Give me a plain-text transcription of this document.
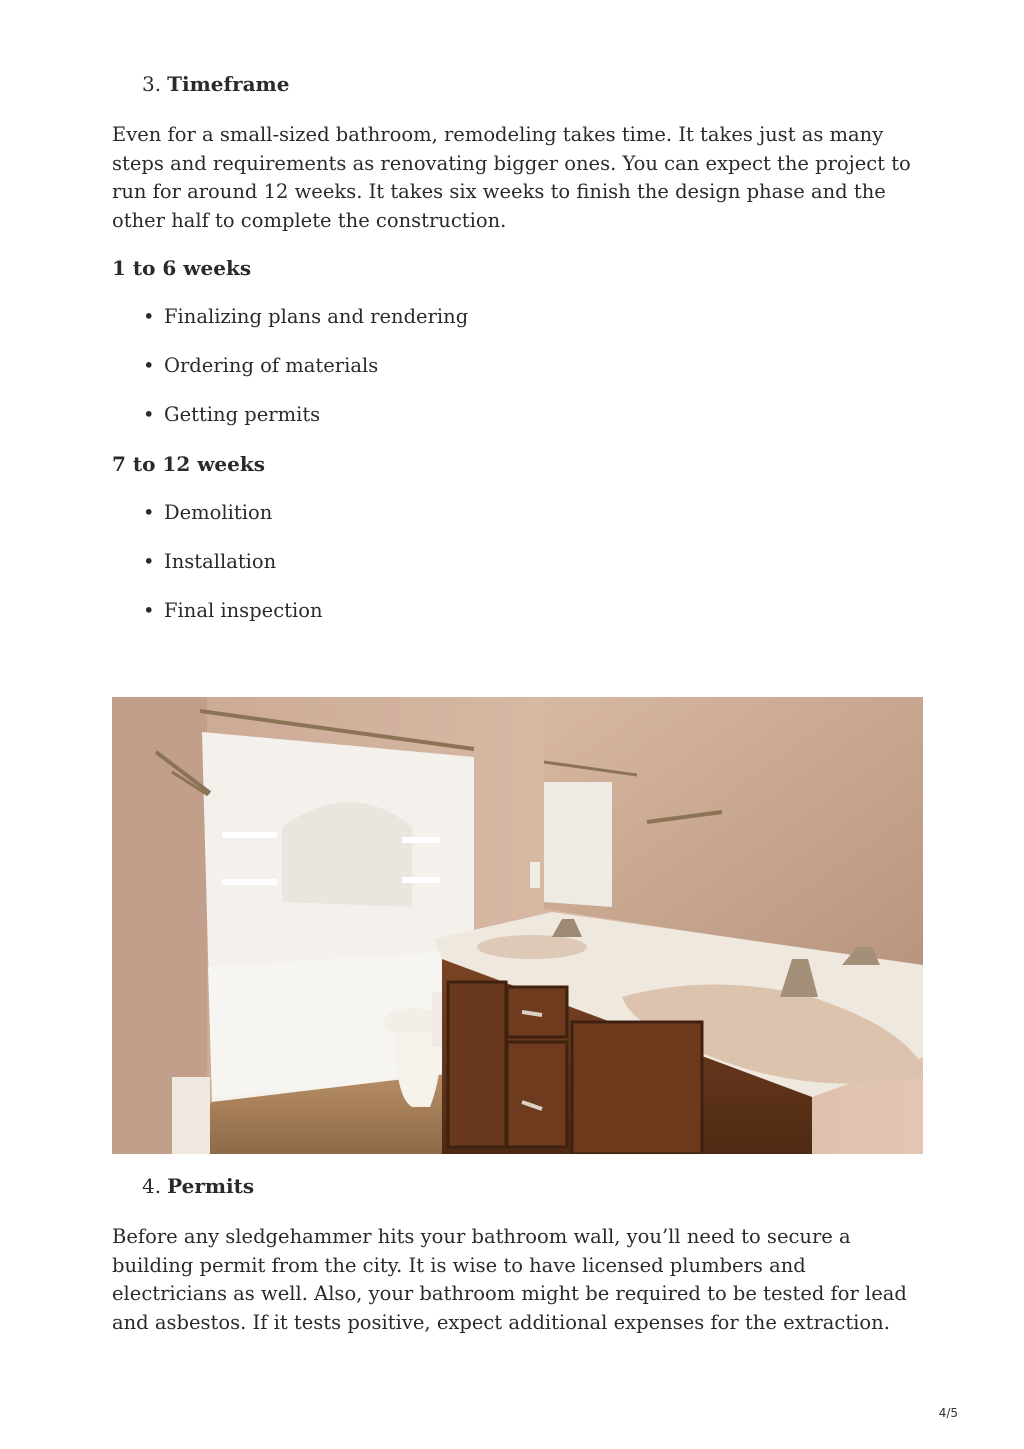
3. Timeframe
Even for a small-sized bathroom, remodeling takes time. It takes just as many steps and requirements as renovating bigger ones. You can expect the project to run for around 12 weeks. It takes six weeks to finish the design phase and the other half to complete the construction.
1 to 6 weeks
• Finalizing plans and rendering
• Ordering of materials
• Getting permits
7 to 12 weeks
• Demolition
• Installation
• Final inspection
4. Permits
Before any sledgehammer hits your bathroom wall, you’ll need to secure a building permit from the city. It is wise to have licensed plumbers and electricians as well. Also, your bathroom might be required to be tested for lead and asbestos. If it tests positive, expect additional expenses for the extraction.
4/5
